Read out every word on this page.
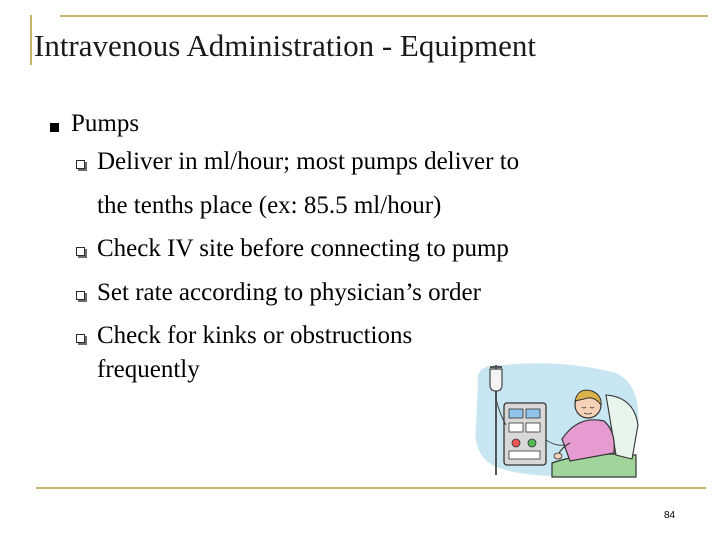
Intravenous Administration - Equipment

Pumps

Deliver in ml/hour; most pumps deliver to

the tenths place (ex: 85.5 ml/hour)

Check IV site before connecting to pump

Set rate according to physician’s order

Check for kinks or obstructions

frequently

84
